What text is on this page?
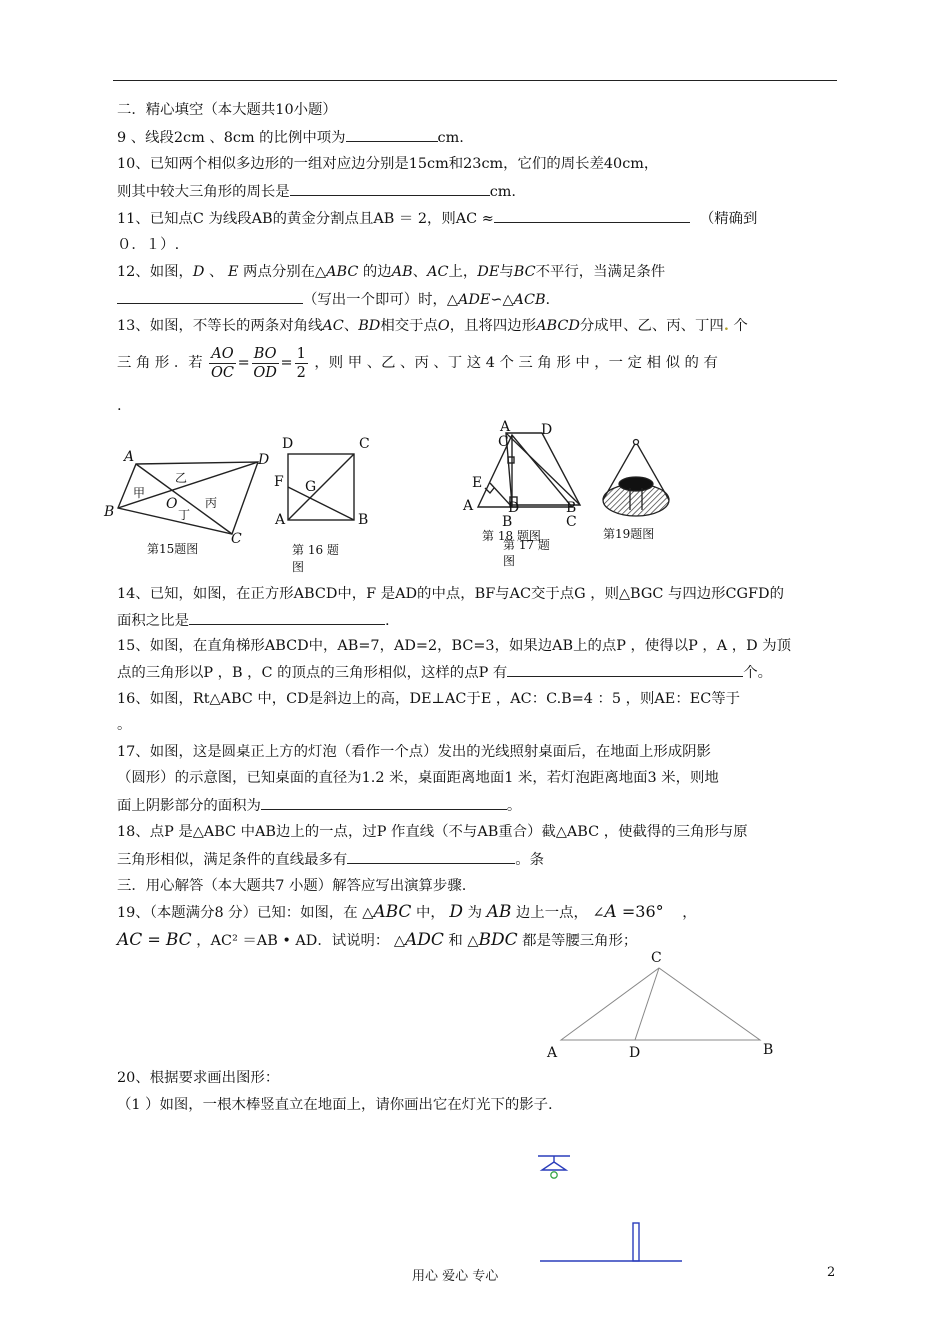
二．精心填空（本大题共10小题）
9 、线段2cm 、8cm 的比例中项为	cm.
10、已知两个相似多边形的一组对应边分别是15cm和23cm，它们的周长差40cm，
则其中较大三角形的周长是	cm.
11、已知点C 为线段AB的黄金分割点且AB ＝ 2，则AC ≈	（精确到
０．１）.
12、如图，D 、 E 两点分别在△ABC 的边AB、AC上，DE与BC不平行，当满足条件
（写出一个即可）时，△ADE∽△ACB.
13、如图，不等长的两条对角线AC、BD相交于点O，且将四边形ABCD分成甲、乙、丙、丁四. 个
三 角 形 ．若 $\frac{AO}{OC} = \frac{BO}{OD} = \frac{1}{2}$ ，则 甲 、乙 、丙 、丁 这 4 个 三 角 形 中 ，一 定 相 似 的 有
.
A
B
C
D
O
乙
甲
丙
丁
第15题图
D	C
F G
A	B
第 16 题
图
A D
C
E
A D	B
B	C
第 18 题图
第 17 题
图
第19题图
14、已知，如图，在正方形ABCD中，F 是AD的中点，BF与AC交于点G ，则△BGC 与四边形CGFD的
面积之比是	.
15、如图，在直角梯形ABCD中，AB=7，AD=2，BC=3，如果边AB上的点P ，使得以P ，A ，D 为顶
点的三角形以P ，B ，C 的顶点的三角形相似，这样的点P 有	个。
16、如图，Rt△ABC 中，CD是斜边上的高，DE⊥AC于E ，AC：C.B=4 ：5 ，则AE：EC等于
。
17、如图，这是圆桌正上方的灯泡（看作一个点）发出的光线照射桌面后，在地面上形成阴影
（圆形）的示意图，已知桌面的直径为1.2 米，桌面距离地面1 米，若灯泡距离地面3 米，则地
面上阴影部分的面积为	。
18、点P 是△ABC 中AB边上的一点，过P 作直线（不与AB重合）截△ABC ，使截得的三角形与原
三角形相似，满足条件的直线最多有	。条
三．用心解答（本大题共7 小题）解答应写出演算步骤.
19、（本题满分8 分）已知：如图，在 △ABC 中， D 为 AB 边上一点， ∠A =36° ，
AC = BC ，AC² ＝AB • AD．试说明： △ADC 和 △BDC 都是等腰三角形；
C
A	D	B
20、根据要求画出图形：
（1 ）如图，一根木棒竖直立在地面上，请你画出它在灯光下的影子.
用心 爱心 专心	2
